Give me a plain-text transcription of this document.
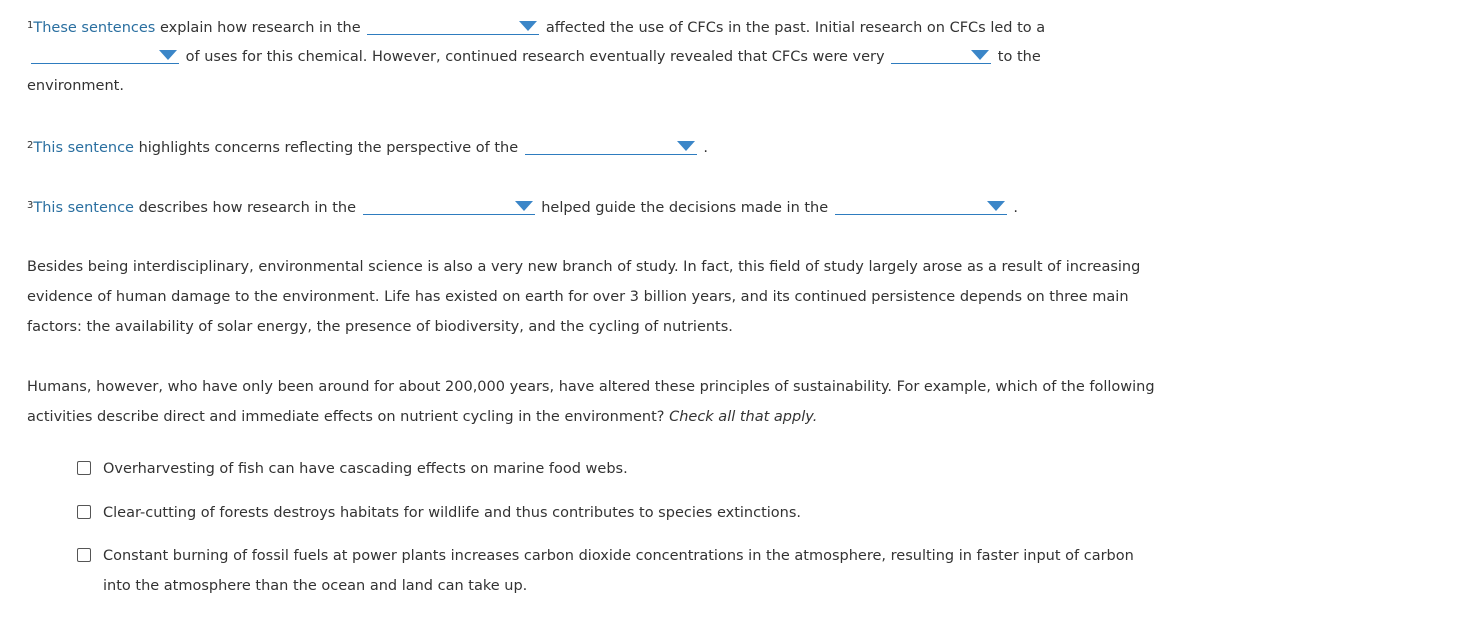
$^1$These sentences explain how research in the	affected the use of CFCs in the past. Initial research on CFCs led to a
of uses for this chemical. However, continued research eventually revealed that CFCs were very	to the
environment.
$^2$This sentence highlights concerns reflecting the perspective of the	.
$^3$This sentence describes how research in the	helped guide the decisions made in the	.
Besides being interdisciplinary, environmental science is also a very new branch of study. In fact, this field of study largely arose as a result of increasing evidence of human damage to the environment. Life has existed on earth for over 3 billion years, and its continued persistence depends on three main factors: the availability of solar energy, the presence of biodiversity, and the cycling of nutrients.
Humans, however, who have only been around for about 200,000 years, have altered these principles of sustainability. For example, which of the following activities describe direct and immediate effects on nutrient cycling in the environment? Check all that apply.
Overharvesting of fish can have cascading effects on marine food webs.
Clear-cutting of forests destroys habitats for wildlife and thus contributes to species extinctions.
Constant burning of fossil fuels at power plants increases carbon dioxide concentrations in the atmosphere, resulting in faster input of carbon into the atmosphere than the ocean and land can take up.
